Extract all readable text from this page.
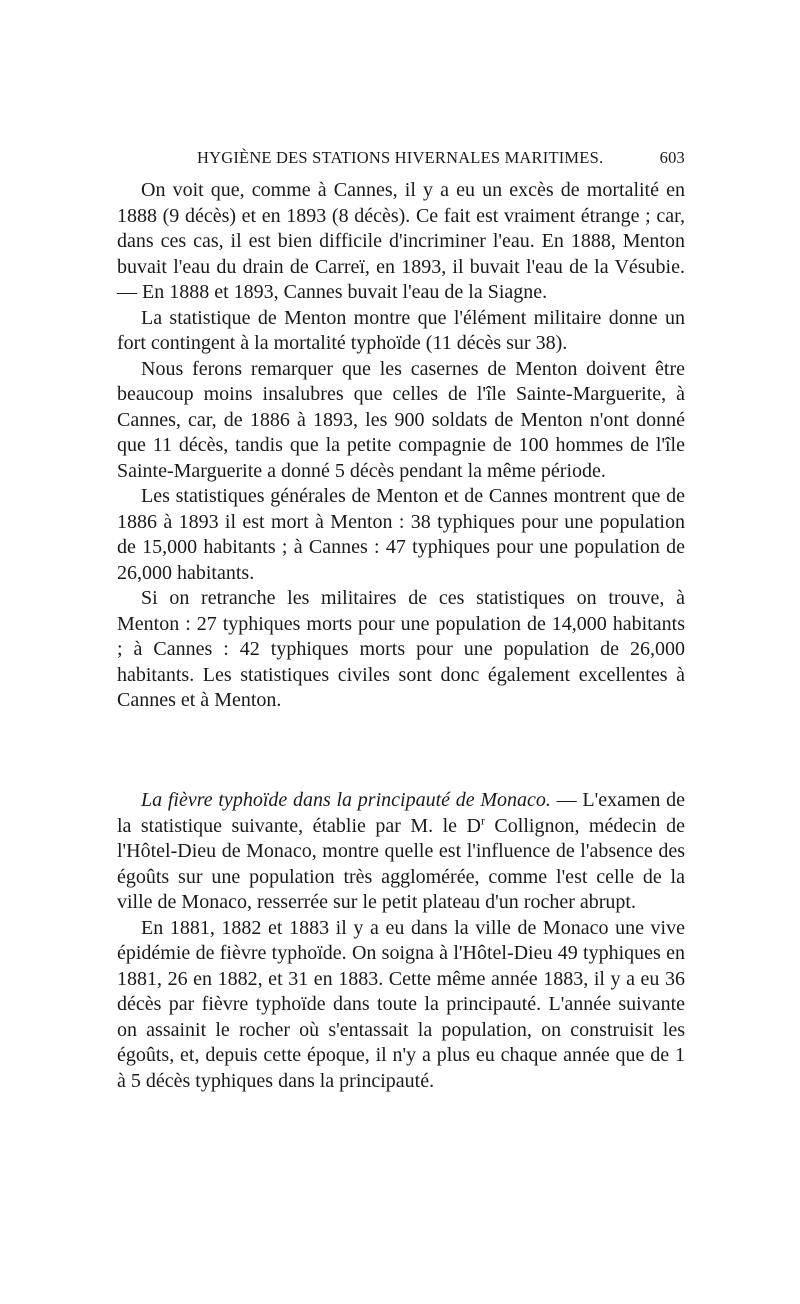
HYGIÈNE DES STATIONS HIVERNALES MARITIMES.	603

On voit que, comme à Cannes, il y a eu un excès de mortalité en 1888 (9 décès) et en 1893 (8 décès). Ce fait est vraiment étrange ; car, dans ces cas, il est bien difficile d'incriminer l'eau. En 1888, Menton buvait l'eau du drain de Carreï, en 1893, il buvait l'eau de la Vésubie. — En 1888 et 1893, Cannes buvait l'eau de la Siagne.

La statistique de Menton montre que l'élément militaire donne un fort contingent à la mortalité typhoïde (11 décès sur 38).

Nous ferons remarquer que les casernes de Menton doivent être beaucoup moins insalubres que celles de l'île Sainte-Marguerite, à Cannes, car, de 1886 à 1893, les 900 soldats de Menton n'ont donné que 11 décès, tandis que la petite compagnie de 100 hommes de l'île Sainte-Marguerite a donné 5 décès pendant la même période.

Les statistiques générales de Menton et de Cannes montrent que de 1886 à 1893 il est mort à Menton : 38 typhiques pour une population de 15,000 habitants ; à Cannes : 47 typhiques pour une population de 26,000 habitants.

Si on retranche les militaires de ces statistiques on trouve, à Menton : 27 typhiques morts pour une population de 14,000 habitants ; à Cannes : 42 typhiques morts pour une population de 26,000 habitants. Les statistiques civiles sont donc également excellentes à Cannes et à Menton.

La fièvre typhoïde dans la principauté de Monaco. — L'examen de la statistique suivante, établie par M. le $D^r$ Collignon, médecin de l'Hôtel-Dieu de Monaco, montre quelle est l'influence de l'absence des égoûts sur une population très agglomérée, comme l'est celle de la ville de Monaco, resserrée sur le petit plateau d'un rocher abrupt.

En 1881, 1882 et 1883 il y a eu dans la ville de Monaco une vive épidémie de fièvre typhoïde. On soigna à l'Hôtel-Dieu 49 typhiques en 1881, 26 en 1882, et 31 en 1883. Cette même année 1883, il y a eu 36 décès par fièvre typhoïde dans toute la principauté. L'année suivante on assainit le rocher où s'entassait la population, on construisit les égoûts, et, depuis cette époque, il n'y a plus eu chaque année que de 1 à 5 décès typhiques dans la principauté.
